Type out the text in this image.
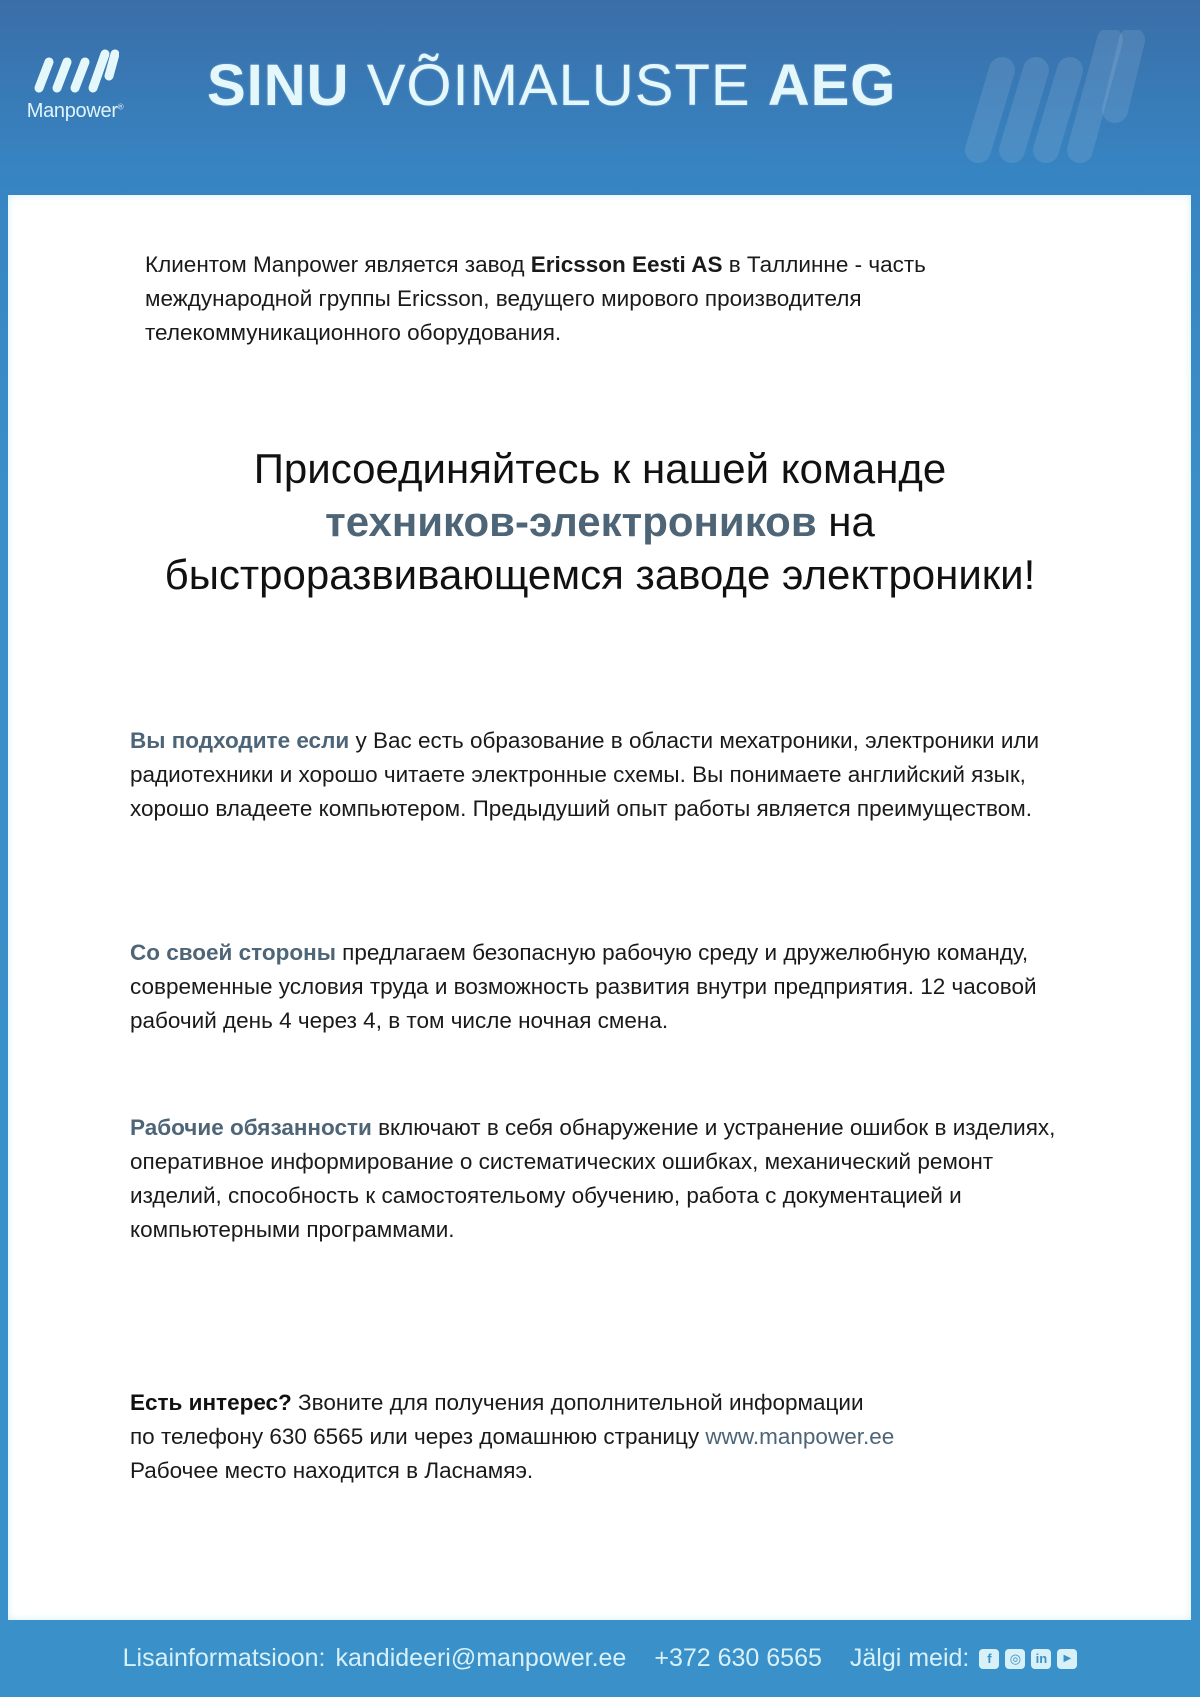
Manpower® SINU VÕIMALUSTE AEG
Клиентом Manpower является завод Ericsson Eesti AS в Таллинне - часть международной группы Ericsson, ведущего мирового производителя телекоммуникационного оборудования.
Присоединяйтесь к нашей команде
техников-электроников на
быстроразвивающемся заводе электроники!
Вы подходите если у Вас есть образование в области мехатроники, электроники или радиотехники и хорошо читаете электронные схемы. Вы понимаете английский язык, хорошо владеете компьютером. Предыдуший опыт работы является преимуществом.
Со своей стороны предлагаем безопасную рабочую среду и дружелюбную команду, современные условия труда и возможность развития внутри предприятия. 12 часовой рабочий день 4 через 4, в том числе ночная смена.
Рабочие обязанности включают в себя обнаружение и устранение ошибок в изделиях, оперативное информирование о систематических ошибках, механический ремонт изделий, способность к самостоятельому обучению, работа с документацией и компьютерными программами.
Есть интерес? Звоните для получения дополнительной информации
по телефону 630 6565 или через домашнюю страницу www.manpower.ee
Рабочее место находится в Ласнамяэ.
Lisainformatsioon: kandideeri@manpower.ee +372 630 6565 Jälgi meid:	f	◎	in	▶
